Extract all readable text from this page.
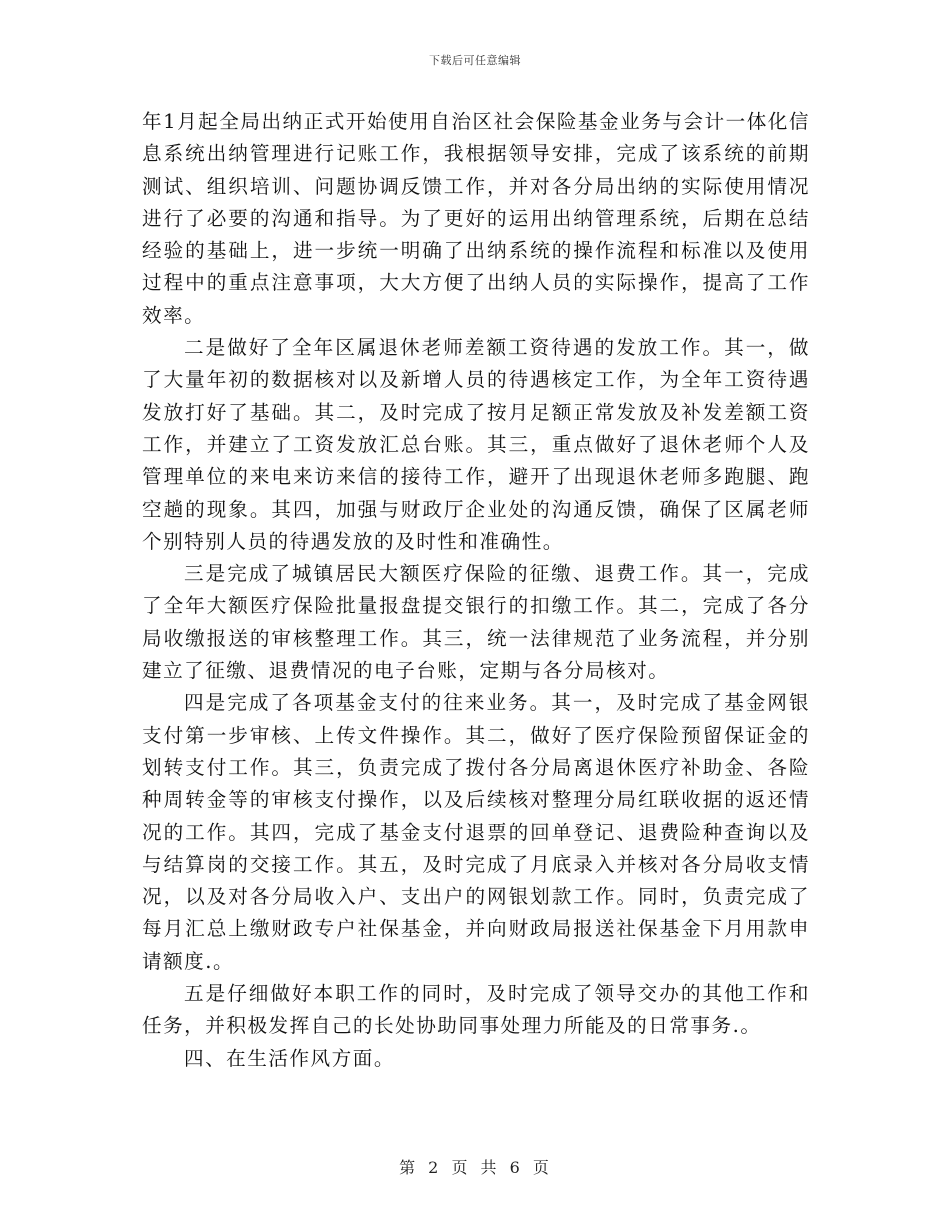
下载后可任意编辑

年1月起全局出纳正式开始使用自治区社会保险基金业务与会计一体化信息系统出纳管理进行记账工作，我根据领导安排，完成了该系统的前期测试、组织培训、问题协调反馈工作，并对各分局出纳的实际使用情况进行了必要的沟通和指导。为了更好的运用出纳管理系统，后期在总结经验的基础上，进一步统一明确了出纳系统的操作流程和标准以及使用过程中的重点注意事项，大大方便了出纳人员的实际操作，提高了工作效率。

二是做好了全年区属退休老师差额工资待遇的发放工作。其一，做了大量年初的数据核对以及新增人员的待遇核定工作，为全年工资待遇发放打好了基础。其二，及时完成了按月足额正常发放及补发差额工资工作，并建立了工资发放汇总台账。其三，重点做好了退休老师个人及管理单位的来电来访来信的接待工作，避开了出现退休老师多跑腿、跑空趟的现象。其四，加强与财政厅企业处的沟通反馈，确保了区属老师个别特别人员的待遇发放的及时性和准确性。

三是完成了城镇居民大额医疗保险的征缴、退费工作。其一，完成了全年大额医疗保险批量报盘提交银行的扣缴工作。其二，完成了各分局收缴报送的审核整理工作。其三，统一法律规范了业务流程，并分别建立了征缴、退费情况的电子台账，定期与各分局核对。

四是完成了各项基金支付的往来业务。其一，及时完成了基金网银支付第一步审核、上传文件操作。其二，做好了医疗保险预留保证金的划转支付工作。其三，负责完成了拨付各分局离退休医疗补助金、各险种周转金等的审核支付操作，以及后续核对整理分局红联收据的返还情况的工作。其四，完成了基金支付退票的回单登记、退费险种查询以及与结算岗的交接工作。其五，及时完成了月底录入并核对各分局收支情况，以及对各分局收入户、支出户的网银划款工作。同时，负责完成了每月汇总上缴财政专户社保基金，并向财政局报送社保基金下月用款申请额度.。

五是仔细做好本职工作的同时，及时完成了领导交办的其他工作和任务，并积极发挥自己的长处协助同事处理力所能及的日常事务.。

四、在生活作风方面。

第 2 页 共 6 页
